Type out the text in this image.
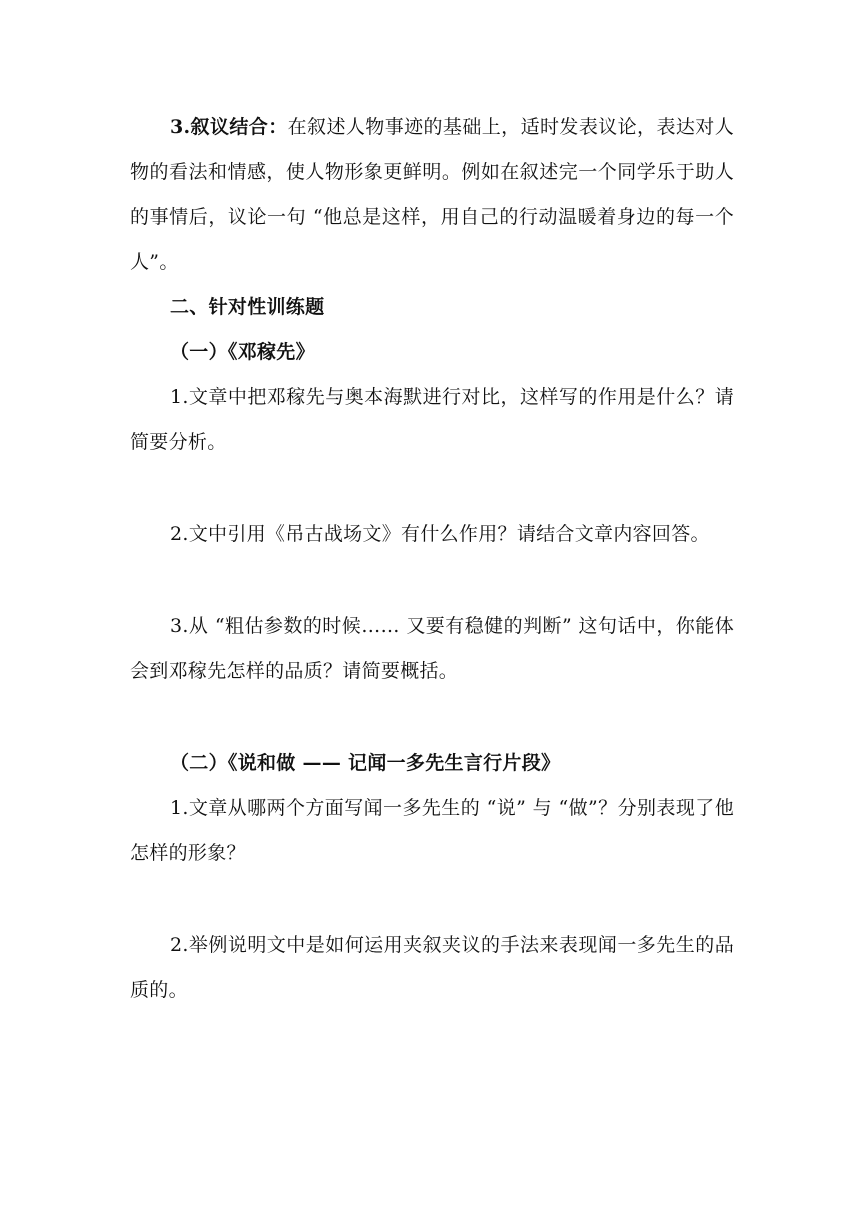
3.叙议结合：在叙述人物事迹的基础上，适时发表议论，表达对人物的看法和情感，使人物形象更鲜明。例如在叙述完一个同学乐于助人的事情后，议论一句 “他总是这样，用自己的行动温暖着身边的每一个人”。

二、针对性训练题

（一）《邓稼先》

1.文章中把邓稼先与奥本海默进行对比，这样写的作用是什么？请简要分析。

2.文中引用《吊古战场文》有什么作用？请结合文章内容回答。

3.从 “粗估参数的时候…… 又要有稳健的判断” 这句话中，你能体会到邓稼先怎样的品质？请简要概括。

（二）《说和做 —— 记闻一多先生言行片段》

1.文章从哪两个方面写闻一多先生的 “说” 与 “做”？分别表现了他怎样的形象？

2.举例说明文中是如何运用夹叙夹议的手法来表现闻一多先生的品质的。
